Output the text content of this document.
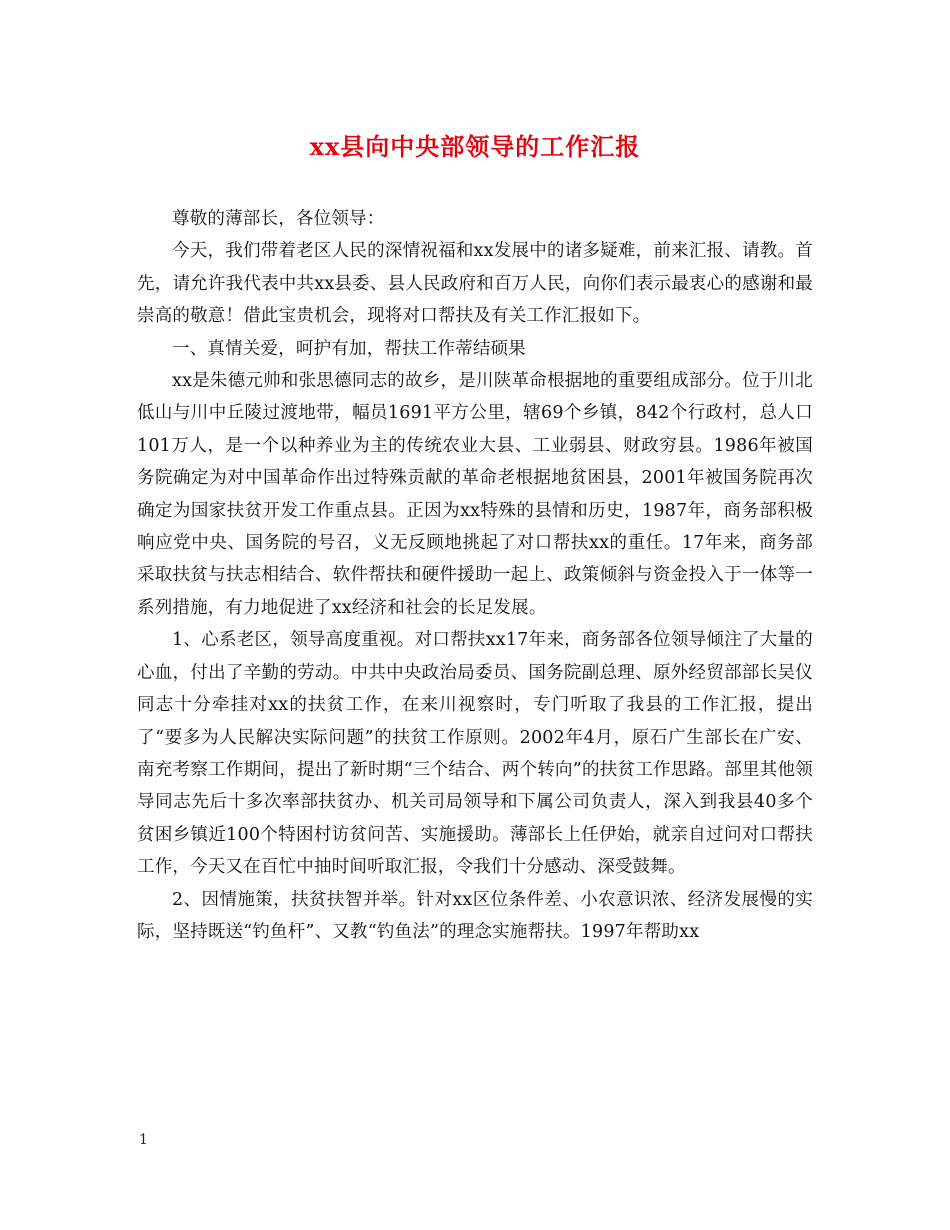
xx县向中央部领导的工作汇报

尊敬的薄部长，各位领导：

今天，我们带着老区人民的深情祝福和xx发展中的诸多疑难，前来汇报、请教。首先，请允许我代表中共xx县委、县人民政府和百万人民，向你们表示最衷心的感谢和最崇高的敬意！借此宝贵机会，现将对口帮扶及有关工作汇报如下。

一、真情关爱，呵护有加，帮扶工作蒂结硕果

xx是朱德元帅和张思德同志的故乡，是川陕革命根据地的重要组成部分。位于川北低山与川中丘陵过渡地带，幅员1691平方公里，辖69个乡镇，842个行政村，总人口101万人，是一个以种养业为主的传统农业大县、工业弱县、财政穷县。1986年被国务院确定为对中国革命作出过特殊贡献的革命老根据地贫困县，2001年被国务院再次确定为国家扶贫开发工作重点县。正因为xx特殊的县情和历史，1987年，商务部积极响应党中央、国务院的号召，义无反顾地挑起了对口帮扶xx的重任。17年来，商务部采取扶贫与扶志相结合、软件帮扶和硬件援助一起上、政策倾斜与资金投入于一体等一系列措施，有力地促进了xx经济和社会的长足发展。

1、心系老区，领导高度重视。对口帮扶xx17年来，商务部各位领导倾注了大量的心血，付出了辛勤的劳动。中共中央政治局委员、国务院副总理、原外经贸部部长吴仪同志十分牵挂对xx的扶贫工作，在来川视察时，专门听取了我县的工作汇报，提出了“要多为人民解决实际问题”的扶贫工作原则。2002年4月，原石广生部长在广安、南充考察工作期间，提出了新时期“三个结合、两个转向”的扶贫工作思路。部里其他领导同志先后十多次率部扶贫办、机关司局领导和下属公司负责人，深入到我县40多个贫困乡镇近100个特困村访贫问苦、实施援助。薄部长上任伊始，就亲自过问对口帮扶工作，今天又在百忙中抽时间听取汇报，令我们十分感动、深受鼓舞。

2、因情施策，扶贫扶智并举。针对xx区位条件差、小农意识浓、经济发展慢的实际，坚持既送“钓鱼杆”、又教“钓鱼法”的理念实施帮扶。1997年帮助xx

1
